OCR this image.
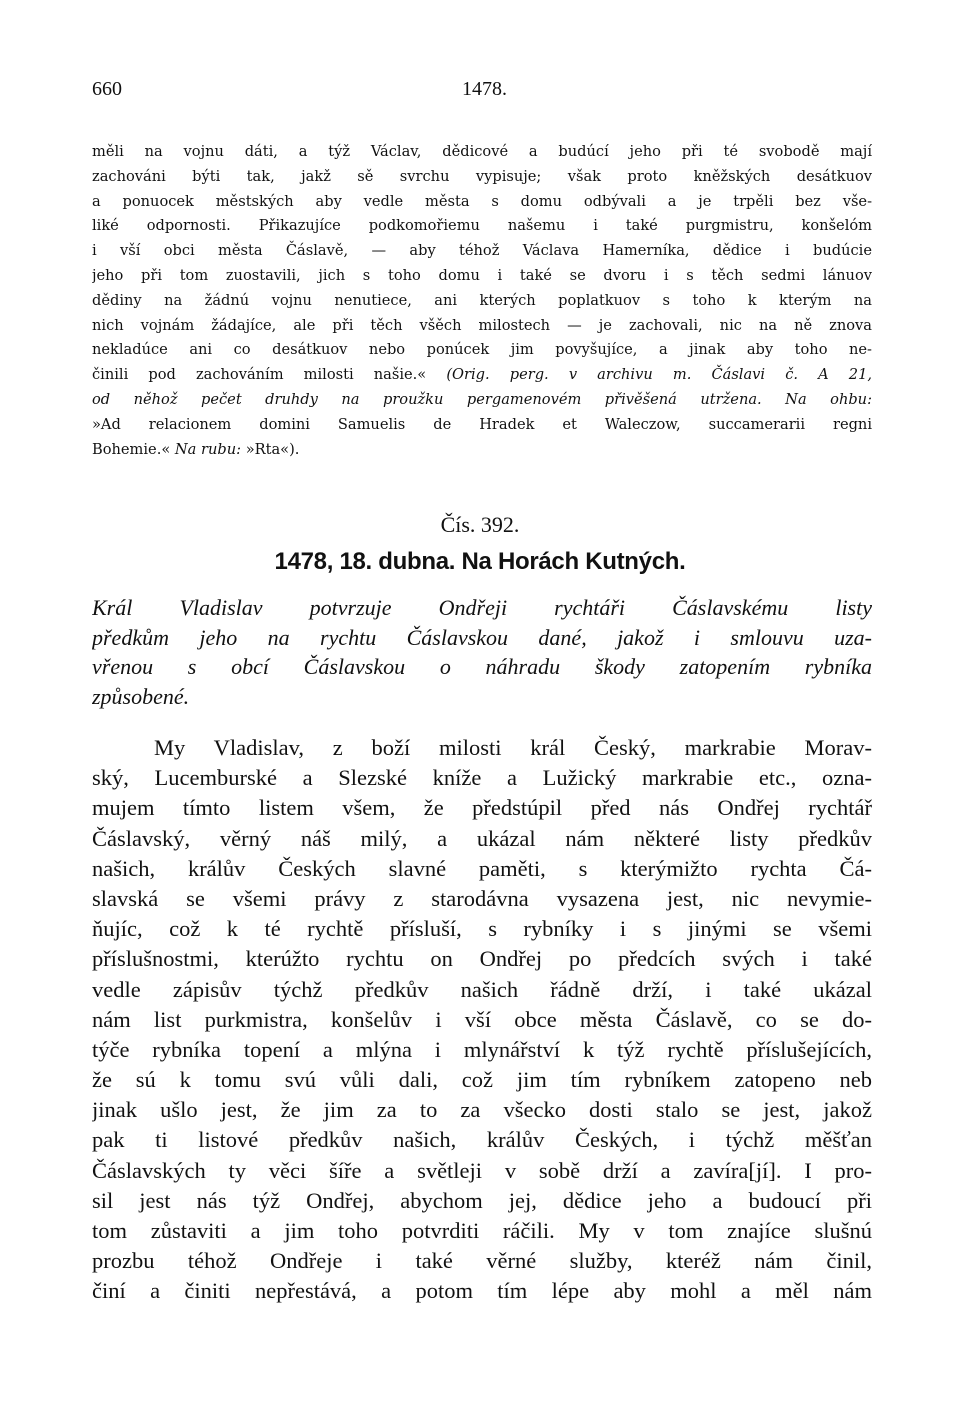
660	1478.
měli na vojnu dáti, a týž Václav, dědicové a budúcí jeho při té svobodě mají
zachováni býti tak, jakž sě svrchu vypisuje; však proto kněžských desátkuov
a ponuocek městských aby vedle města s domu odbývali a je trpěli bez vše-
liké odpornosti. Přikazujíce podkomořiemu našemu i také purgmistru, konšelóm
i vší obci města Čáslavě, — aby téhož Václava Hamerníka, dědice i budúcie
jeho při tom zuostavili, jich s toho domu i také se dvoru i s těch sedmi lánuov
dědiny na žádnú vojnu nenutiece, ani kterých poplatkuov s toho k kterým na
nich vojnám žádajíce, ale při těch všěch milostech — je zachovali, nic na ně znova
nekladúce ani co desátkuov nebo ponúcek jim povyšujíce, a jinak aby toho ne-
činili pod zachováním milosti našie.« (Orig. perg. v archivu m. Čáslavi č. A 21,
od něhož pečet druhdy na proužku pergamenovém přivěšená utržena. Na ohbu:
»Ad relacionem domini Samuelis de Hradek et Waleczow, succamerarii regni
Bohemie.« Na rubu: »Rta«).
Čís. 392.
1478, 18. dubna. Na Horách Kutných.
Král Vladislav potvrzuje Ondřeji rychtáři Čáslavskému listy
předkům jeho na rychtu Čáslavskou dané, jakož i smlouvu uza-
vřenou s obcí Čáslavskou o náhradu škody zatopením rybníka
způsobené.
My Vladislav, z boží milosti král Český, markrabie Morav-
ský, Lucemburské a Slezské kníže a Lužický markrabie etc., ozna-
mujem tímto listem všem, že předstúpil před nás Ondřej rychtář
Čáslavský, věrný náš milý, a ukázal nám některé listy předkův
našich, králův Českých slavné paměti, s kterýmižto rychta Čá-
slavská se všemi právy z starodávna vysazena jest, nic nevymie-
ňujíc, což k té rychtě přísluší, s rybníky i s jinými se všemi
příslušnostmi, kterúžto rychtu on Ondřej po předcích svých i také
vedle zápisův týchž předkův našich řádně drží, i také ukázal
nám list purkmistra, konšelův i vší obce města Čáslavě, co se do-
týče rybníka topení a mlýna i mlynářství k týž rychtě příslušejících,
že sú k tomu svú vůli dali, což jim tím rybníkem zatopeno neb
jinak ušlo jest, že jim za to za všecko dosti stalo se jest, jakož
pak ti listové předkův našich, králův Českých, i týchž měšťan
Čáslavských ty věci šíře a světleji v sobě drží a zavíra[jí]. I pro-
sil jest nás týž Ondřej, abychom jej, dědice jeho a budoucí při
tom zůstaviti a jim toho potvrditi ráčili. My v tom znajíce slušnú
prozbu téhož Ondřeje i také věrné služby, kteréž nám činil,
činí a činiti nepřestává, a potom tím lépe aby mohl a měl nám
